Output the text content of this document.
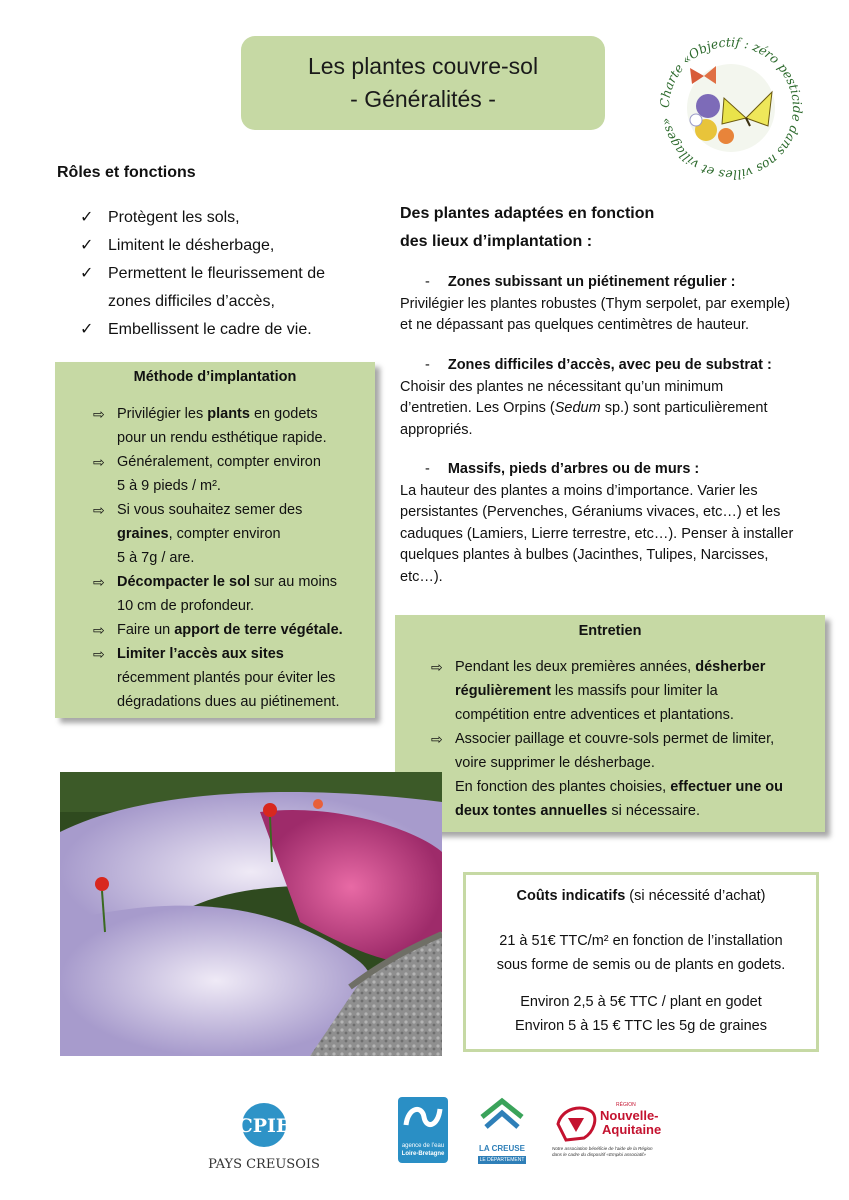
Les plantes couvre-sol
- Généralités -	Charte «Objectif : zéro pesticide dans nos villes et villages»
Rôles et fonctions
✓ Protègent les sols,
✓ Limitent le désherbage,
✓ Permettent le fleurissement de
zones difficiles d’accès,
✓ Embellissent le cadre de vie.
Méthode d’implantation
⇨ Privilégier les plants en godets
pour un rendu esthétique rapide.
⇨ Généralement, compter environ
5 à 9 pieds / m².
⇨ Si vous souhaitez semer des
graines, compter environ
5 à 7g / are.
⇨ Décompacter le sol sur au moins
10 cm de profondeur.
⇨ Faire un apport de terre végétale.
⇨ Limiter l’accès aux sites
récemment plantés pour éviter les
dégradations dues au piétinement.
Des plantes adaptées en fonction
des lieux d’implantation :
- Zones subissant un piétinement régulier :
Privilégier les plantes robustes (Thym serpolet, par exemple)
et ne dépassant pas quelques centimètres de hauteur.
- Zones difficiles d’accès, avec peu de substrat :
Choisir des plantes ne nécessitant qu’un minimum
d’entretien. Les Orpins (Sedum sp.) sont particulièrement
appropriés.
- Massifs, pieds d’arbres ou de murs :
La hauteur des plantes a moins d’importance. Varier les
persistantes (Pervenches, Géraniums vivaces, etc…) et les
caduques (Lamiers, Lierre terrestre, etc…). Penser à installer
quelques plantes à bulbes (Jacinthes, Tulipes, Narcisses,
etc…).
Entretien
⇨ Pendant les deux premières années, désherber
régulièrement les massifs pour limiter la
compétition entre adventices et plantations.
⇨ Associer paillage et couvre-sols permet de limiter,
voire supprimer le désherbage.
En fonction des plantes choisies, effectuer une ou
deux tontes annuelles si nécessaire.
Coûts indicatifs (si nécessité d’achat)
21 à 51€ TTC/m² en fonction de l’installation
sous forme de semis ou de plants en godets.
Environ 2,5 à 5€ TTC / plant en godet
Environ 5 à 15 € TTC les 5g de graines
CPIE
PAYS CREUSOIS
agence de l’eau
Loire-Bretagne
LA CREUSE
LE DÉPARTEMENT
RÉGION
Nouvelle-
Aquitaine
Notre association bénéficie de l’aide de la Région
dans le cadre du dispositif «Emploi associatif»
